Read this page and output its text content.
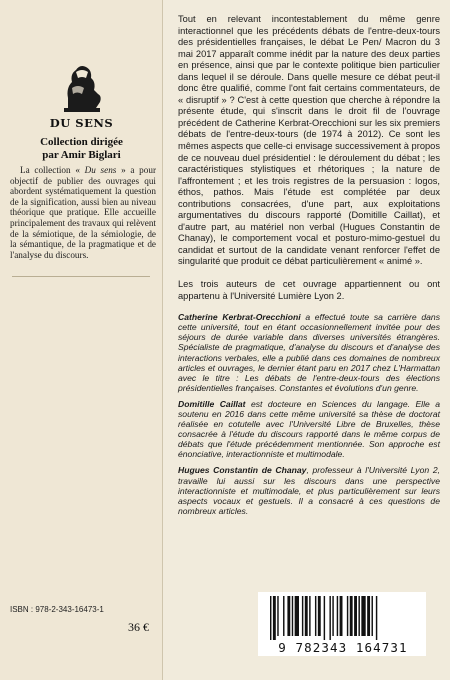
DU SENS
Collection dirigée
par Amir Biglari
La collection « Du sens » a pour objectif de publier des ouvrages qui abordent systématiquement la question de la signification, aussi bien au niveau théorique que pratique. Elle accueille principalement des travaux qui relèvent de la sémiotique, de la sémiologie, de la sémantique, de la pragmatique et de l'analyse du discours.
ISBN : 978-2-343-16473-1
36 €

Tout en relevant incontestablement du même genre interactionnel que les précédents débats de l'entre-deux-tours des présidentielles françaises, le débat Le Pen/ Macron du 3 mai 2017 apparaît comme inédit par la nature des deux parties en présence, ainsi que par le contexte politique bien particulier dans lequel il se déroule. Dans quelle mesure ce débat peut-il donc être qualifié, comme l'ont fait certains commentateurs, de « disruptif » ? C'est à cette question que cherche à répondre la présente étude, qui s'inscrit dans le droit fil de l'ouvrage précédent de Catherine Kerbrat-Orecchioni sur les six premiers débats de l'entre-deux-tours (de 1974 à 2012). Ce sont les mêmes aspects que celle-ci envisage successivement à propos de ce nouveau duel présidentiel : le déroulement du débat ; les caractéristiques stylistiques et rhétoriques ; la nature de l'affrontement ; et les trois registres de la persuasion : logos, éthos, pathos. Mais l'étude est complétée par deux contributions consacrées, d'une part, aux exploitations argumentatives du discours rapporté (Domitille Caillat), et d'autre part, au matériel non verbal (Hugues Constantin de Chanay), le comportement vocal et posturo-mimo-gestuel du candidat et surtout de la candidate venant renforcer l'effet de singularité que produit ce débat particulièrement « animé ».

Les trois auteurs de cet ouvrage appartiennent ou ont appartenu à l'Université Lumière Lyon 2.

Catherine Kerbrat-Orecchioni a effectué toute sa carrière dans cette université, tout en étant occasionnellement invitée pour des séjours de durée variable dans diverses universités étrangères. Spécialiste de pragmatique, d'analyse du discours et d'analyse des interactions verbales, elle a publié dans ces domaines de nombreux articles et ouvrages, le dernier étant paru en 2017 chez L'Harmattan avec le titre : Les débats de l'entre-deux-tours des élections présidentielles françaises. Constantes et évolutions d'un genre.

Domitille Caillat est docteure en Sciences du langage. Elle a soutenu en 2016 dans cette même université sa thèse de doctorat réalisée en cotutelle avec l'Université Libre de Bruxelles, thèse consacrée à l'étude du discours rapporté dans le même corpus de débats que l'étude précédemment mentionnée. Son approche est énonciative, interactionniste et multimodale.

Hugues Constantin de Chanay, professeur à l'Université Lyon 2, travaille lui aussi sur les discours dans une perspective interactionniste et multimodale, et plus particulièrement sur leurs aspects vocaux et gestuels. Il a consacré à ces questions de nombreux articles.

9 782343 164731
